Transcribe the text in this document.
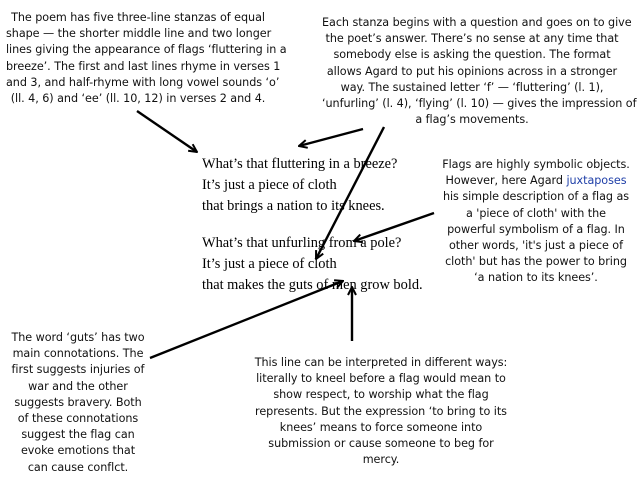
The poem has five three-line stanzas of equal
shape — the shorter middle line and two longer
lines giving the appearance of flags ‘fluttering in a
breeze’. The first and last lines rhyme in verses 1
and 3, and half-rhyme with long vowel sounds ‘o’
(ll. 4, 6) and ‘ee’ (ll. 10, 12) in verses 2 and 4.
Each stanza begins with a question and goes on to give
the poet’s answer. There’s no sense at any time that
somebody else is asking the question. The format
allows Agard to put his opinions across in a stronger
way. The sustained letter ‘f’ — ‘fluttering’ (l. 1),
‘unfurling’ (l. 4), ‘flying’ (l. 10) — gives the impression of
a flag’s movements.
Flags are highly symbolic objects.
However, here Agard juxtaposes
his simple description of a flag as
a 'piece of cloth' with the
powerful symbolism of a flag. In
other words, 'it's just a piece of
cloth' but has the power to bring
‘a nation to its knees’.
The word ‘guts’ has two
main connotations. The
first suggests injuries of
war and the other
suggests bravery. Both
of these connotations
suggest the flag can
evoke emotions that
can cause conflct.
This line can be interpreted in different ways:
literally to kneel before a flag would mean to
show respect, to worship what the flag
represents. But the expression ‘to bring to its
knees’ means to force someone into
submission or cause someone to beg for
mercy.
What’s that fluttering in a breeze?
It’s just a piece of cloth
that brings a nation to its knees.
What’s that unfurling from a pole?
It’s just a piece of cloth
that makes the guts of men grow bold.
